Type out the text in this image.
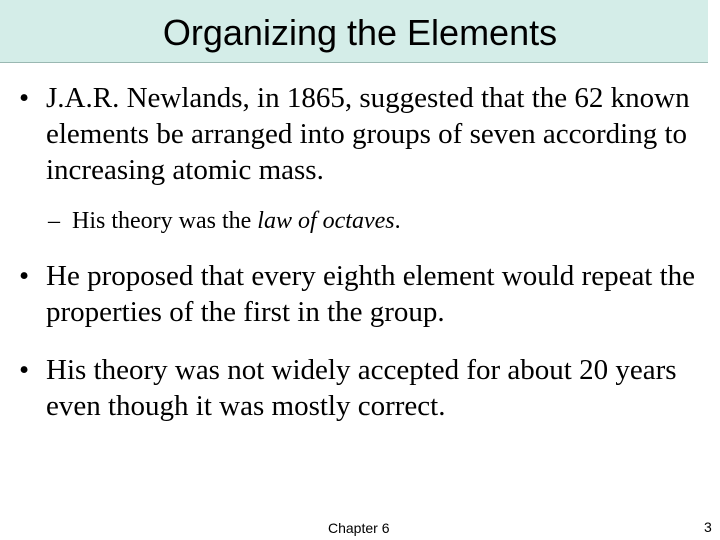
Organizing the Elements

• J.A.R. Newlands, in 1865, suggested that the 62 known elements be arranged into groups of seven according to increasing atomic mass.

– His theory was the law of octaves.

• He proposed that every eighth element would repeat the properties of the first in the group.

• His theory was not widely accepted for about 20 years even though it was mostly correct.

Chapter 6	3
